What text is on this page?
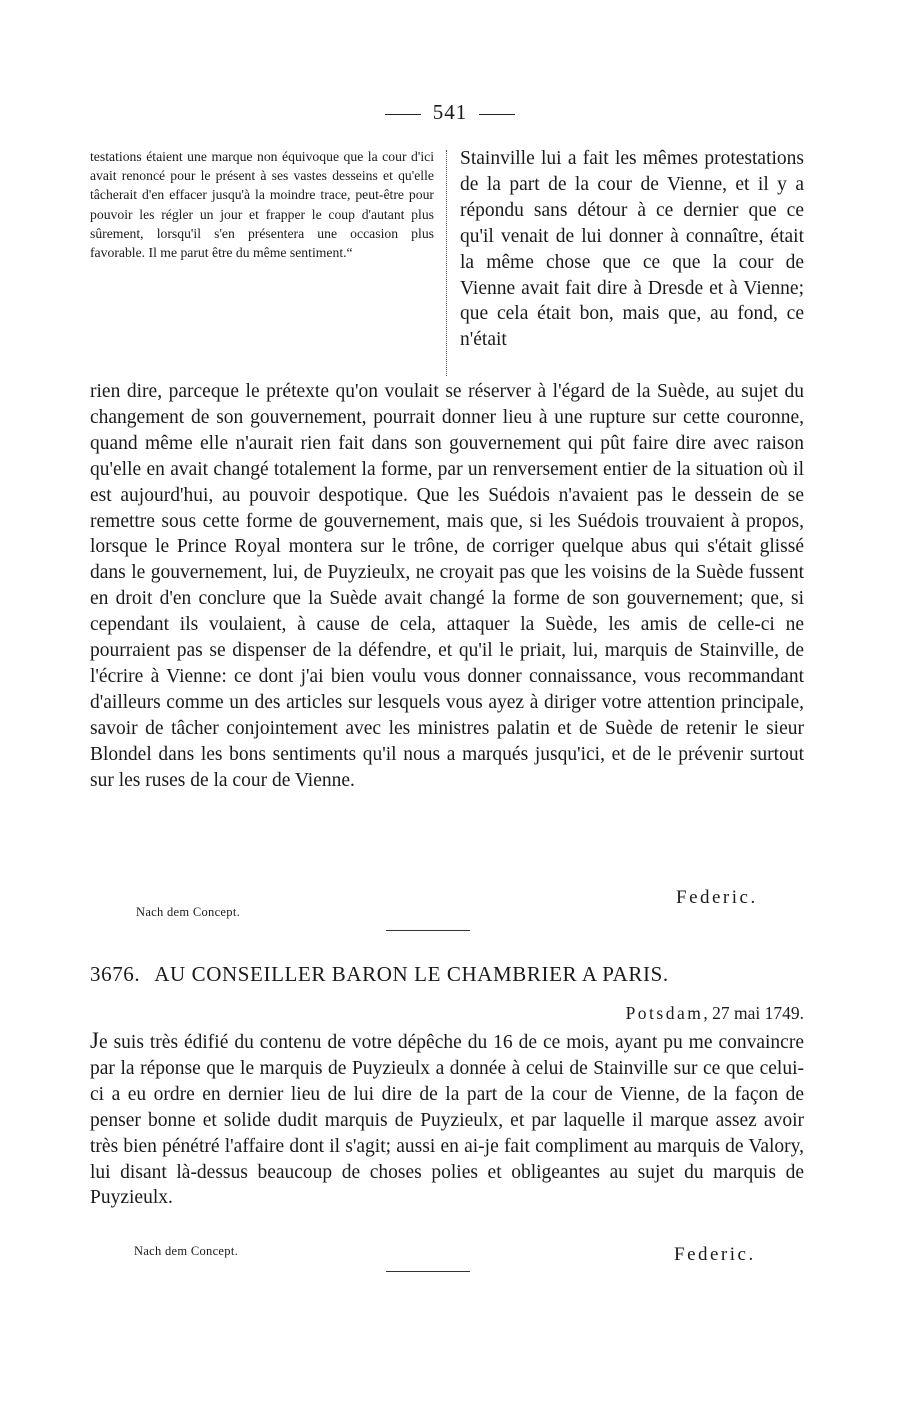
541

testations étaient une marque non équivoque que la cour d'ici avait renoncé pour le présent à ses vastes desseins et qu'elle tâcherait d'en effacer jusqu'à la moindre trace, peut-être pour pouvoir les régler un jour et frapper le coup d'autant plus sûrement, lorsqu'il s'en présentera une occasion plus favorable. Il me parut être du même sentiment.“

Stainville lui a fait les mêmes protestations de la part de la cour de Vienne, et il y a répondu sans détour à ce dernier que ce qu'il venait de lui donner à connaître, était la même chose que ce que la cour de Vienne avait fait dire à Dresde et à Vienne; que cela était bon, mais que, au fond, ce n'était

rien dire, parceque le prétexte qu'on voulait se réserver à l'égard de la Suède, au sujet du changement de son gouvernement, pourrait donner lieu à une rupture sur cette couronne, quand même elle n'aurait rien fait dans son gouvernement qui pût faire dire avec raison qu'elle en avait changé totalement la forme, par un renversement entier de la situation où il est aujourd'hui, au pouvoir despotique. Que les Suédois n'avaient pas le dessein de se remettre sous cette forme de gouvernement, mais que, si les Suédois trouvaient à propos, lorsque le Prince Royal montera sur le trône, de corriger quelque abus qui s'était glissé dans le gouvernement, lui, de Puyzieulx, ne croyait pas que les voisins de la Suède fussent en droit d'en conclure que la Suède avait changé la forme de son gouvernement; que, si cependant ils voulaient, à cause de cela, attaquer la Suède, les amis de celle-ci ne pourraient pas se dispenser de la défendre, et qu'il le priait, lui, marquis de Stainville, de l'écrire à Vienne: ce dont j'ai bien voulu vous donner connaissance, vous recommandant d'ailleurs comme un des articles sur lesquels vous ayez à diriger votre attention principale, savoir de tâcher conjointement avec les ministres palatin et de Suède de retenir le sieur Blondel dans les bons sentiments qu'il nous a marqués jusqu'ici, et de le prévenir surtout sur les ruses de la cour de Vienne.

Federic.
Nach dem Concept.
3676. AU CONSEILLER BARON LE CHAMBRIER A PARIS.
Potsdam, 27 mai 1749.

Je suis très édifié du contenu de votre dépêche du 16 de ce mois, ayant pu me convaincre par la réponse que le marquis de Puyzieulx a donnée à celui de Stainville sur ce que celui-ci a eu ordre en dernier lieu de lui dire de la part de la cour de Vienne, de la façon de penser bonne et solide dudit marquis de Puyzieulx, et par laquelle il marque assez avoir très bien pénétré l'affaire dont il s'agit; aussi en ai-je fait compliment au marquis de Valory, lui disant là-dessus beaucoup de choses polies et obligeantes au sujet du marquis de Puyzieulx.

Nach dem Concept.	Federic.
